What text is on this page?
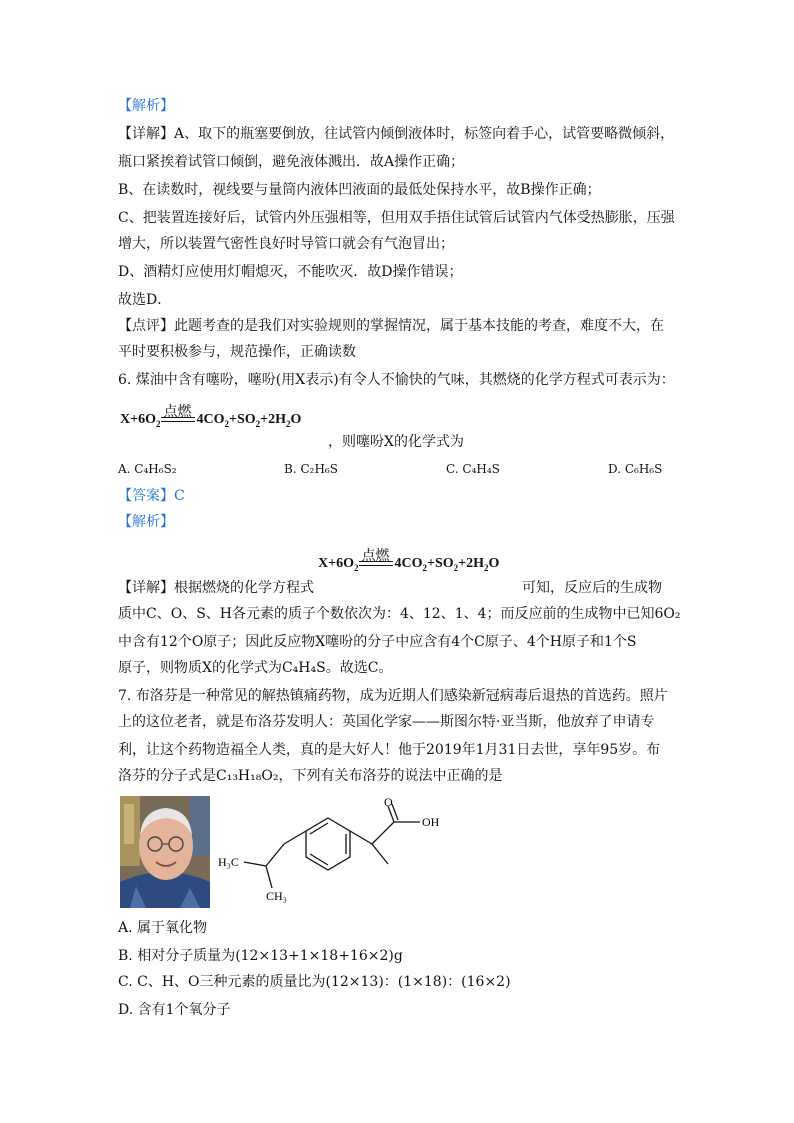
【解析】
【详解】A、取下的瓶塞要倒放，往试管内倾倒液体时，标签向着手心，试管要略微倾斜，
瓶口紧挨着试管口倾倒，避免液体溅出．故A操作正确；
B、在读数时，视线要与量筒内液体凹液面的最低处保持水平，故B操作正确；
C、把装置连接好后，试管内外压强相等，但用双手捂住试管后试管内气体受热膨胀，压强
增大，所以装置气密性良好时导管口就会有气泡冒出；
D、酒精灯应使用灯帽熄灭，不能吹灭．故D操作错误；
故选D．
【点评】此题考查的是我们对实验规则的掌握情况，属于基本技能的考查，难度不大，在
平时要积极参与，规范操作，正确读数
6. 煤油中含有噻吩，噻吩(用X表示)有令人不愉快的气味，其燃烧的化学方程式可表示为：
$X+6O_2$
点燃 $4CO_2+SO_2+2H_2O$
，则噻吩X的化学式为
A. C₄H₆S₂	B. C₂H₆S	C. C₄H₄S	D. C₆H₆S
【答案】C
【解析】
$X+6O_2$
点燃 $4CO_2+SO_2+2H_2O$
【详解】根据燃烧的化学方程式	可知，反应后的生成物
质中C、O、S、H各元素的质子个数依次为：4、12、1、4；而反应前的生成物中已知6O₂
中含有12个O原子；因此反应物X噻吩的分子中应含有4个C原子、4个H原子和1个S
原子，则物质X的化学式为C₄H₄S。故选C。
7. 布洛芬是一种常见的解热镇痛药物，成为近期人们感染新冠病毒后退热的首选药。照片
上的这位老者，就是布洛芬发明人：英国化学家——斯图尔特·亚当斯，他放弃了申请专
利，让这个药物造福全人类，真的是大好人！他于2019年1月31日去世，享年95岁。布
洛芬的分子式是C₁₃H₁₈O₂，下列有关布洛芬的说法中正确的是
O
OH
H₃C
CH₃
A. 属于氧化物
B. 相对分子质量为(12×13+1×18+16×2)g
C. C、H、O三种元素的质量比为(12×13)：(1×18)：(16×2)
D. 含有1个氧分子
